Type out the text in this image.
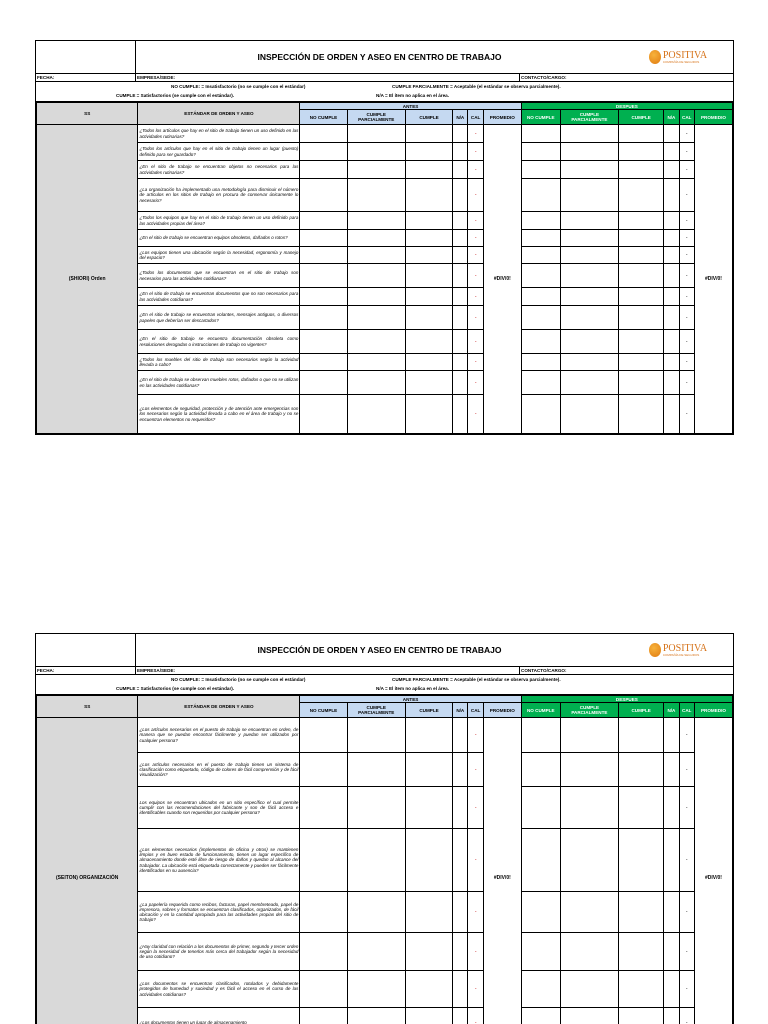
INSPECCIÓN DE ORDEN Y ASEO EN CENTRO DE TRABAJO	POSITIVA
COMPAÑÍA DE SEGUROS
FECHA:	EMPRESA/SEDE:	CONTACTO/CARGO:
NO CUMPLE: = Insatisfactorio (no se cumple con el estándar)	CUMPLE PARCIALMENTE = Aceptable (el estándar se observa parcialmente).
CUMPLE = Satisfactorios (se cumple con el estándar).	N/A = El ítem no aplica en el área.
SS	ESTÁNDAR DE ORDEN Y ASEO	ANTES						DESPUES					
		NO CUMPLE	CUMPLE PARCIALMENTE	CUMPLE	N/A	CAL	PROMEDIO	NO CUMPLE	CUMPLE PARCIALMENTE	CUMPLE	N/A	CAL	PROMEDIO
(SHIORI) Orden	¿Todos los artículos que hay en el sitio de trabajo tienen un uso definido en las actividades rutinarias?					-	#DIV/0!					-	#DIV/0!
	¿Todos los artículos que hay en el sitio de trabajo tienen un lugar (puesto) definido para ser guardado?					-						-	
	¿En el sitio de trabajo se encuentran objetos no necesarios para las actividades rutinarias?					-						-	
	¿La organización ha implementado una metodología para disminuir el número de artículos en los sitios de trabajo en procura de conservar únicamente lo necesario?					-						-	
	¿Todos los equipos que hay en el sitio de trabajo tienen un uso definido para las actividades propias del área?					-						-	
	¿En el sitio de trabajo se encuentran equipos obsoletos, dañados o rotos?					-						-	
	¿Los equipos tienen una ubicación según la necesidad, ergonomía y manejo del espacio?					-						-	
	¿Todos los documentos que se encuentran en el sitio de trabajo son necesarios para las actividades cotidianas?					-						-	
	¿En el sitio de trabajo se encuentran documentos que no son necesarios para las actividades cotidianas?					-						-	
	¿En el sitio de trabajo se encuentran volantes, mensajes antiguos, o diversos papeles que deberían ser descartados?					-						-	
	¿En el sitio de trabajo se encuentra documentación obsoleta como resoluciones derogadas o instrucciones de trabajo no vigentes?					-						-	
	¿Todos los muebles del sitio de trabajo son necesarios según la actividad llevada a cabo?					-						-	
	¿En el sitio de trabajo se observan muebles rotos, dañados o que no se utilizan en las actividades cotidianas?					-						-	
	¿Los elementos de seguridad, protección y de atención ante emergencias son los necesarios según la actividad llevada a cabo en el área de trabajo y no se encuentran elementos no requeridos?					-						-	
INSPECCIÓN DE ORDEN Y ASEO EN CENTRO DE TRABAJO	POSITIVA
COMPAÑÍA DE SEGUROS
FECHA:	EMPRESA/SEDE:	CONTACTO/CARGO:
NO CUMPLE: = Insatisfactorio (no se cumple con el estándar)	CUMPLE PARCIALMENTE = Aceptable (el estándar se observa parcialmente).
CUMPLE = Satisfactorios (se cumple con el estándar).	N/A = El ítem no aplica en el área.
SS	ESTÁNDAR DE ORDEN Y ASEO	ANTES						DESPUES					
		NO CUMPLE	CUMPLE PARCIALMENTE	CUMPLE	N/A	CAL	PROMEDIO	NO CUMPLE	CUMPLE PARCIALMENTE	CUMPLE	N/A	CAL	PROMEDIO
(SEITON) ORGANIZACIÓN	¿Los artículos necesarios en el puesto de trabajo se encuentran en orden, de manera que se puedan encontrar fácilmente y puedan ser utilizados por cualquier persona?					-	#DIV/0!					-	#DIV/0!
	¿Los artículos necesarios en el puesto de trabajo tienen un sistema de clasificación como etiquetado, código de colores de fácil comprensión y de fácil visualización?					-						-	
	Los equipos se encuentran ubicados en un sitio específico el cual permite cumplir con las recomendaciones del fabricante y son de fácil acceso e identificables cuando son requeridos por cualquier persona?					-						-	
	¿Los elementos necesarios (implementos de oficina y otros) se mantienen limpios y en buen estado de funcionamiento, tienen un lugar específico de almacenamiento donde esté libre de riesgo de daños y quedan al alcance del trabajador. La ubicación está etiquetada correctamente y pueden ser fácilmente identificados en su ausencia?					-						-	
	¿La papelería requerida como recibos, facturas, papel membreteado, papel de impresora, sobres y formatos se encuentran clasificados, organizados, de fácil ubicación y en la cantidad apropiada para las actividades propias del sitio de trabajo?					-						-	
	¿Hay claridad con relación a los documentos de primer, segundo y tercer orden según la necesidad de tenerlos más cerca del trabajador según la necesidad de uso cotidiano?					-						-	
	¿Los documentos se encuentran clasificados, rotulados y debidamente protegidos de humedad y suciedad y es fácil el acceso en el curso de las actividades cotidianas?					-						-	
	¿Los documentos tienen un lugar de almacenamiento					-						-	
